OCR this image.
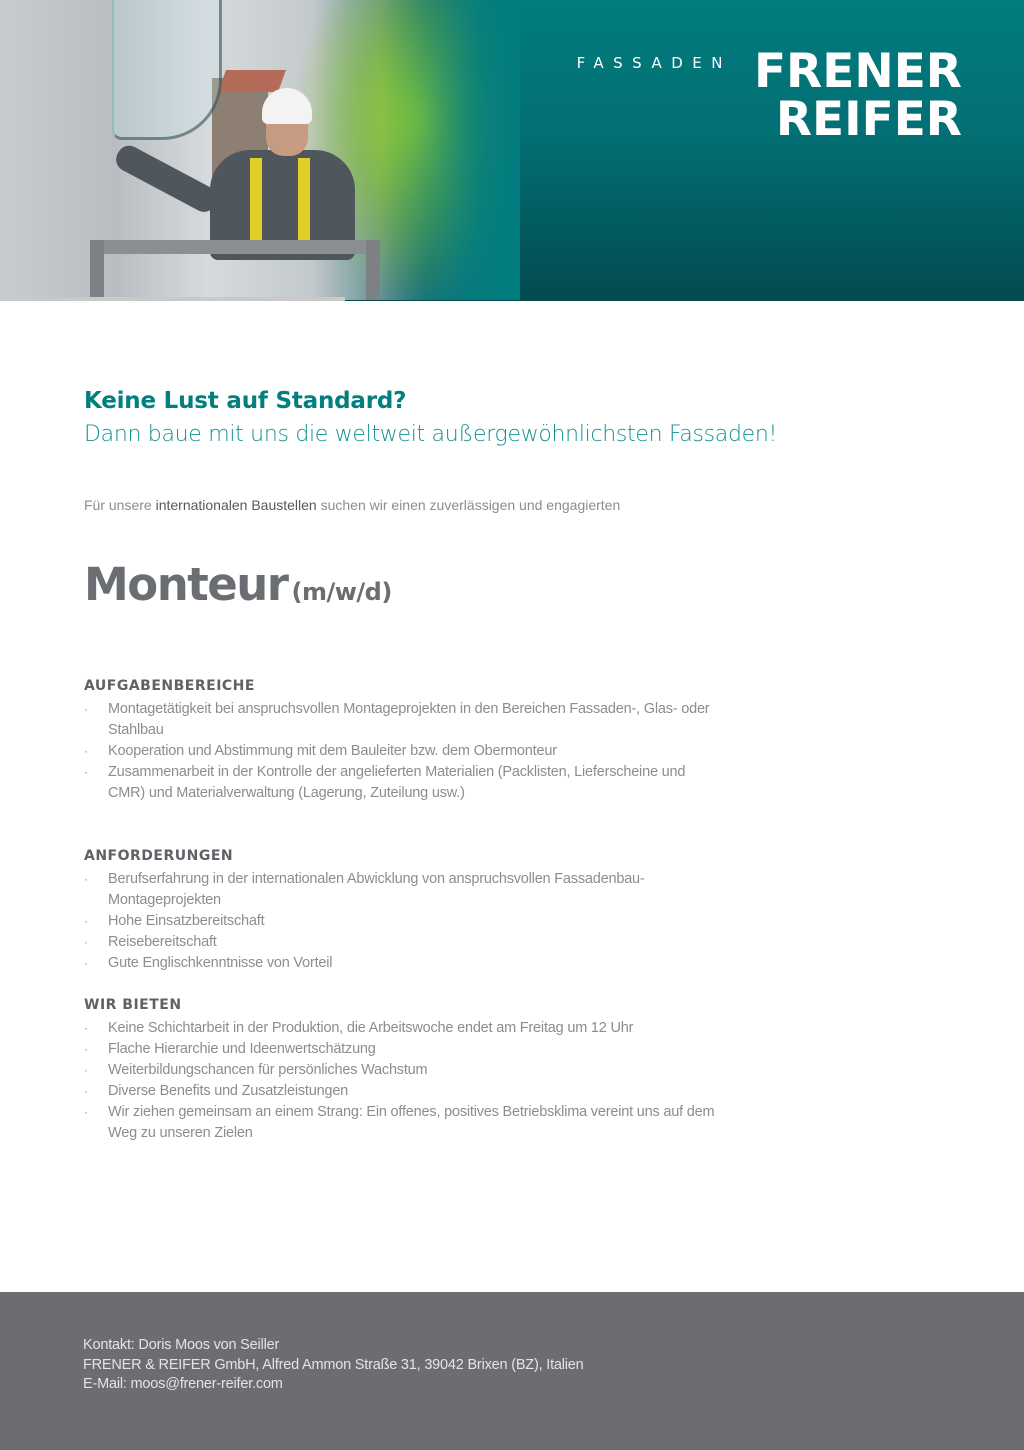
FASSADEN FRENER
REIFER
Keine Lust auf Standard?

Dann baue mit uns die weltweit außergewöhnlichsten Fassaden!

Für unsere internationalen Baustellen suchen wir einen zuverlässigen und engagierten

Monteur (m/w/d)
AUFGABENBEREICHE
· Montagetätigkeit bei anspruchsvollen Montageprojekten in den Bereichen Fassaden-, Glas- oder Stahlbau
· Kooperation und Abstimmung mit dem Bauleiter bzw. dem Obermonteur
· Zusammenarbeit in der Kontrolle der angelieferten Materialien (Packlisten, Lieferscheine und CMR) und Materialverwaltung (Lagerung, Zuteilung usw.)
ANFORDERUNGEN
· Berufserfahrung in der internationalen Abwicklung von anspruchsvollen Fassadenbau-Montageprojekten
· Hohe Einsatzbereitschaft
· Reisebereitschaft
· Gute Englischkenntnisse von Vorteil
WIR BIETEN
· Keine Schichtarbeit in der Produktion, die Arbeitswoche endet am Freitag um 12 Uhr
· Flache Hierarchie und Ideenwertschätzung
· Weiterbildungschancen für persönliches Wachstum
· Diverse Benefits und Zusatzleistungen
· Wir ziehen gemeinsam an einem Strang: Ein offenes, positives Betriebsklima vereint uns auf dem Weg zu unseren Zielen
Kontakt: Doris Moos von Seiller
FRENER & REIFER GmbH, Alfred Ammon Straße 31, 39042 Brixen (BZ), Italien
E-Mail: moos@frener-reifer.com
